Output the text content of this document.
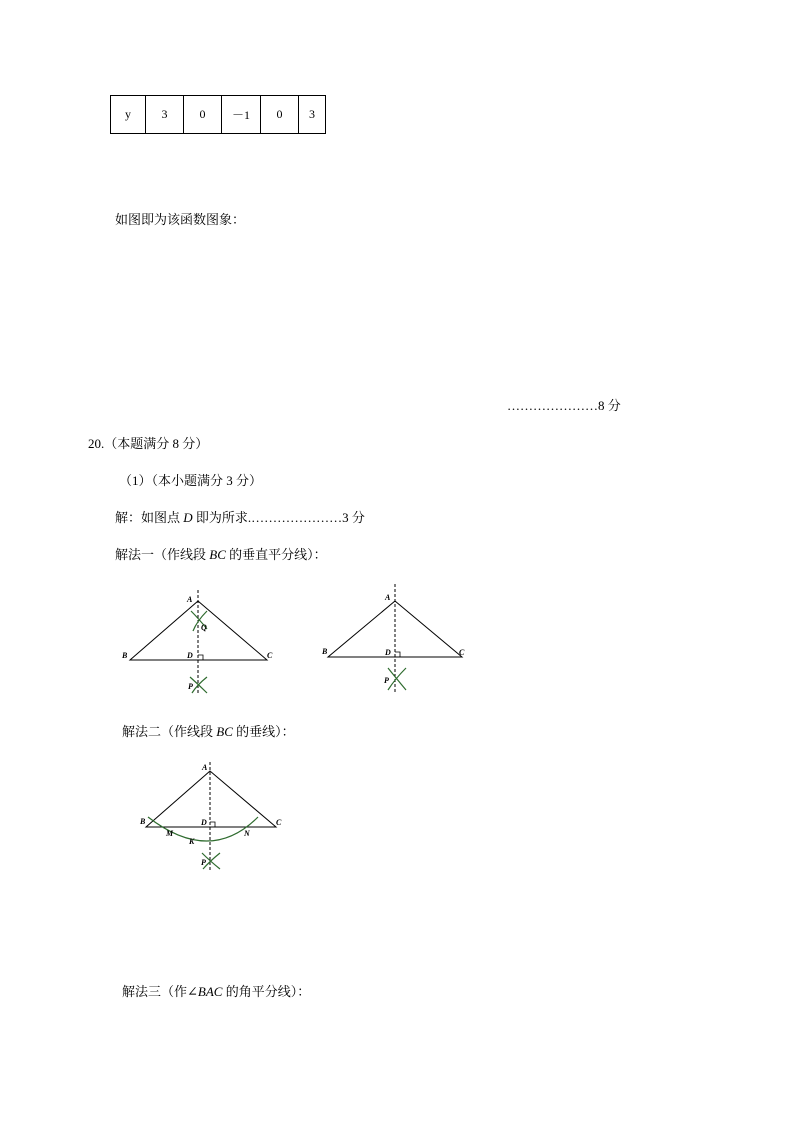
y	3	0	－1	0	3
如图即为该函数图象：
…………………8 分
20.（本题满分 8 分）
（1）（本小题满分 3 分）
解：如图点 D 即为所求.…………………3 分
解法一（作线段 BC 的垂直平分线）：
A
Q
B	C
D
P
A
B	C
D
P
解法二（作线段 BC 的垂线）：
A
B	C
D
M	N
K
P
解法三（作∠BAC 的角平分线）：
